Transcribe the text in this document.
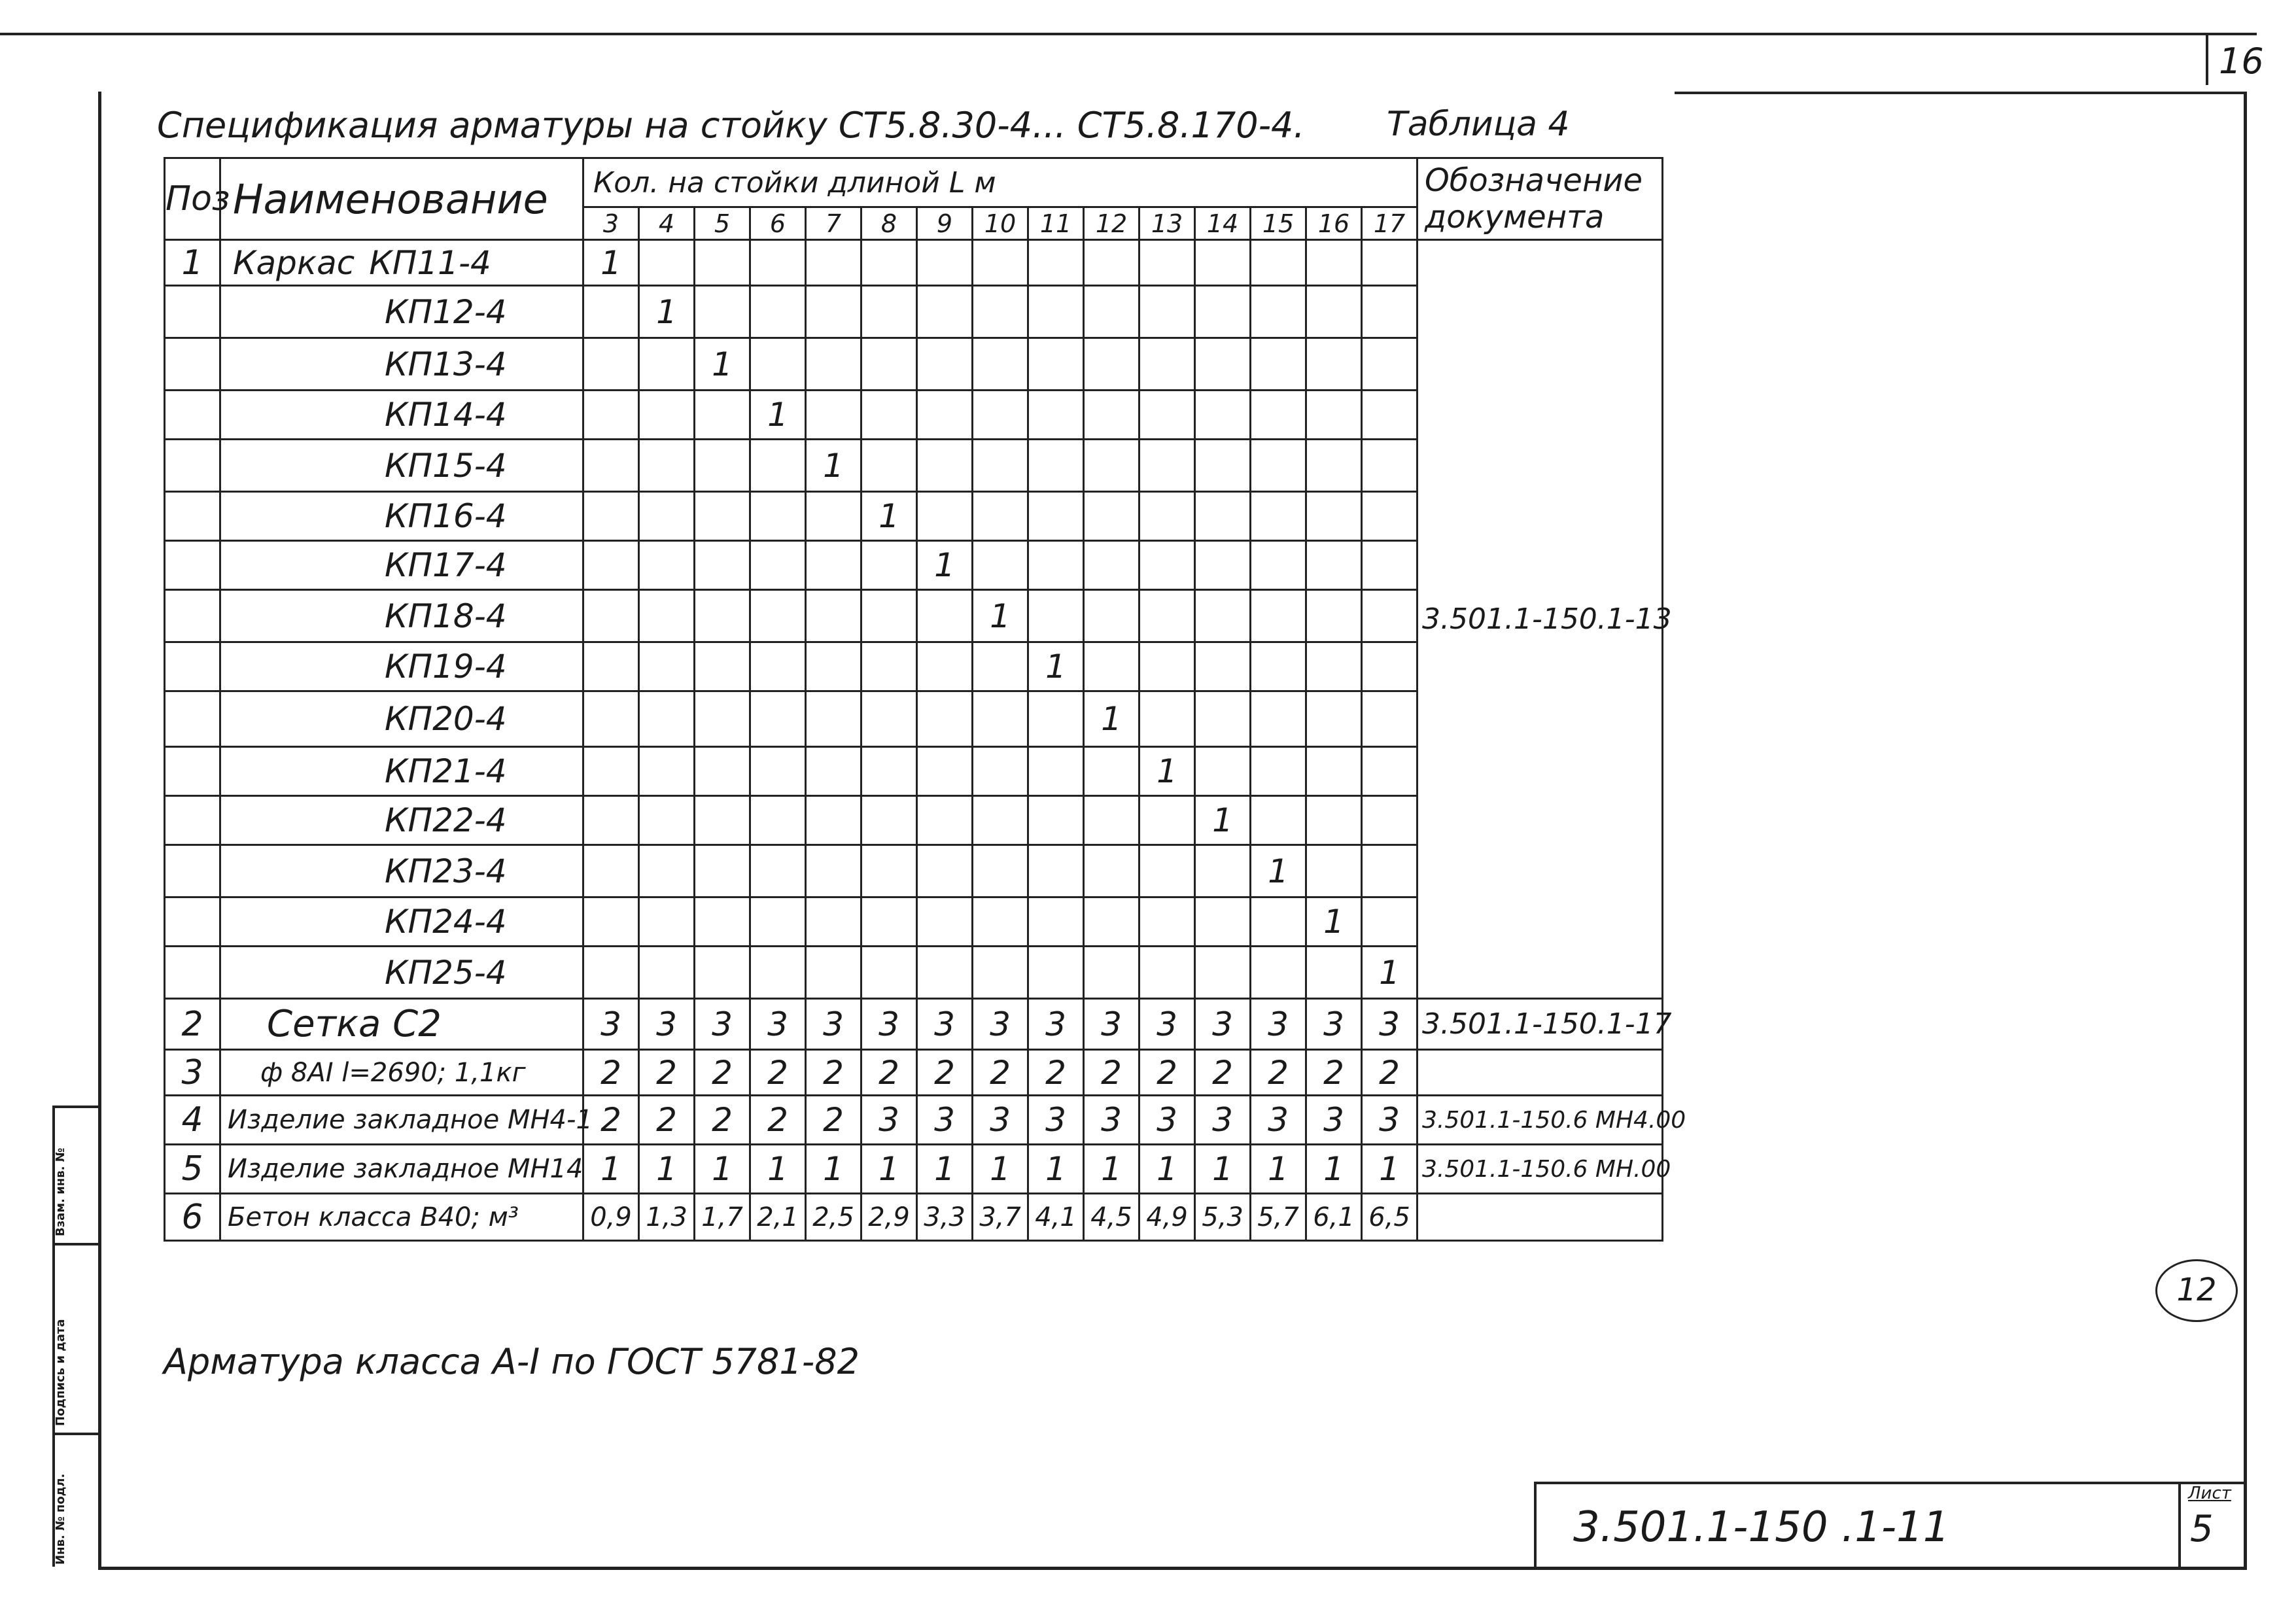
16
Спецификация арматуры на стойку СТ5.8.30-4... СТ5.8.170-4. Таблица 4
Поз	Наименование	Кол. на стойки длиной L м															Обозначение документа

		3	4	5	6	7	8	9	10	11	12	13	14	15	16	17	
1	Каркас КП11-4	1															3.501.1-150.1-13
	КП12-4		1														
	КП13-4			1													
	КП14-4				1												
	КП15-4					1											
	КП16-4						1										
	КП17-4							1									
	КП18-4								1								
	КП19-4									1							
	КП20-4										1						
	КП21-4											1					
	КП22-4												1				
	КП23-4													1			
	КП24-4														1		
	КП25-4															1	
2	Сетка С2	3	3	3	3	3	3	3	3	3	3	3	3	3	3	3	3.501.1-150.1-17
3	ф 8АI l=2690; 1,1кг	2	2	2	2	2	2	2	2	2	2	2	2	2	2	2	
4	Изделие закладное МН4-1	2	2	2	2	2	3	3	3	3	3	3	3	3	3	3	3.501.1-150.6 МН4.00
5	Изделие закладное МН14	1	1	1	1	1	1	1	1	1	1	1	1	1	1	1	3.501.1-150.6 МН.00
6	Бетон класса В40; м³	0,9	1,3	1,7	2,1	2,5	2,9	3,3	3,7	4,1	4,5	4,9	5,3	5,7	6,1	6,5	
Арматура класса А-I по ГОСТ 5781-82
Взам. инв. №
Подпись и дата
Инв. № подл.	3.501.1-150 .1-11
Лист
5
12
